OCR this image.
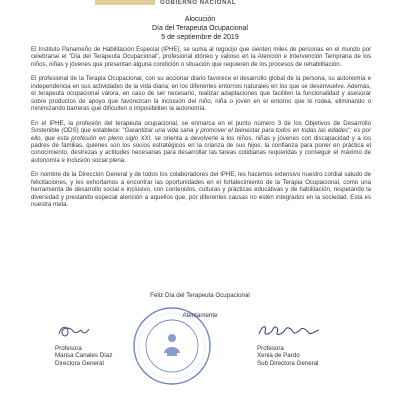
GOBIERNO NACIONAL
Alocución
Día del Terapeuta Ocupacional
5 de septiembre de 2019

El Instituto Panameño de Habilitación Especial (IPHE), se suma al regocijo que sienten miles de personas en el mundo por celebrarse el "Día del Terapeuta Ocupacional", profesional idóneo y valioso en la Atención e Intervención Temprana de los niños, niñas y jóvenes que presentan alguna condición o situación que requieren de los procesos de rehabilitación.

El profesional de la Terapia Ocupacional, con su accionar diario favorece el desarrollo global de la persona, su autonomía e independencia en sus actividades de la vida diaria; en los diferentes entornos naturales en los que se desenvuelve. Además, el terapeuta ocupacional valora, en caso de ser necesario, realizar adaptaciones que faciliten la funcionalidad y asesorar sobre productos de apoyo que favorezcan la inclusión del niño, niña o joven en el entorno que lo rodea, eliminando o minimizando barreras que dificulten o imposibiliten la autonomía.

En el IPHE, la profesión del terapeuta ocupacional, se enmarca en el punto número 3 de los Objetivos de Desarrollo Sostenible (ODS) que establece: "Garantizar una vida sana y promover el bienestar para todos en todas las edades"; es por ello, que esta profesión en pleno siglo XXI, se orienta a devolverle a los niños, niñas y jóvenes con discapacidad y a los padres de familias, quienes son los socios estratégicos en la crianza de sus hijos, la confianza para poner en práctica el conocimiento, destrezas y actitudes necesarias para desarrollar las tareas cotidianas requeridas y conseguir el máximo de autonomía e inclusión social plena.

En nombre de la Dirección General y de todos los colaboradores del IPHE, les hacemos extensivo nuestro cordial saludo de felicitaciones, y les exhortamos a encontrar las oportunidades en el fortalecimiento de la Terapia Ocupacional, como una herramienta de desarrollo social e inclusivo, con contenidos, culturas y prácticas educativas y de habilitación, respetando la diversidad y prestando especial atención a aquellos que, por diferentes causas no estén integrados en la sociedad. Esta es nuestra meta.

Feliz Día del Terapeuta Ocupacional
Atentamente
Profesora
Marisa Canales Díaz
Directora General
Profesora
Xenia de Pardo
Sub Directora General
